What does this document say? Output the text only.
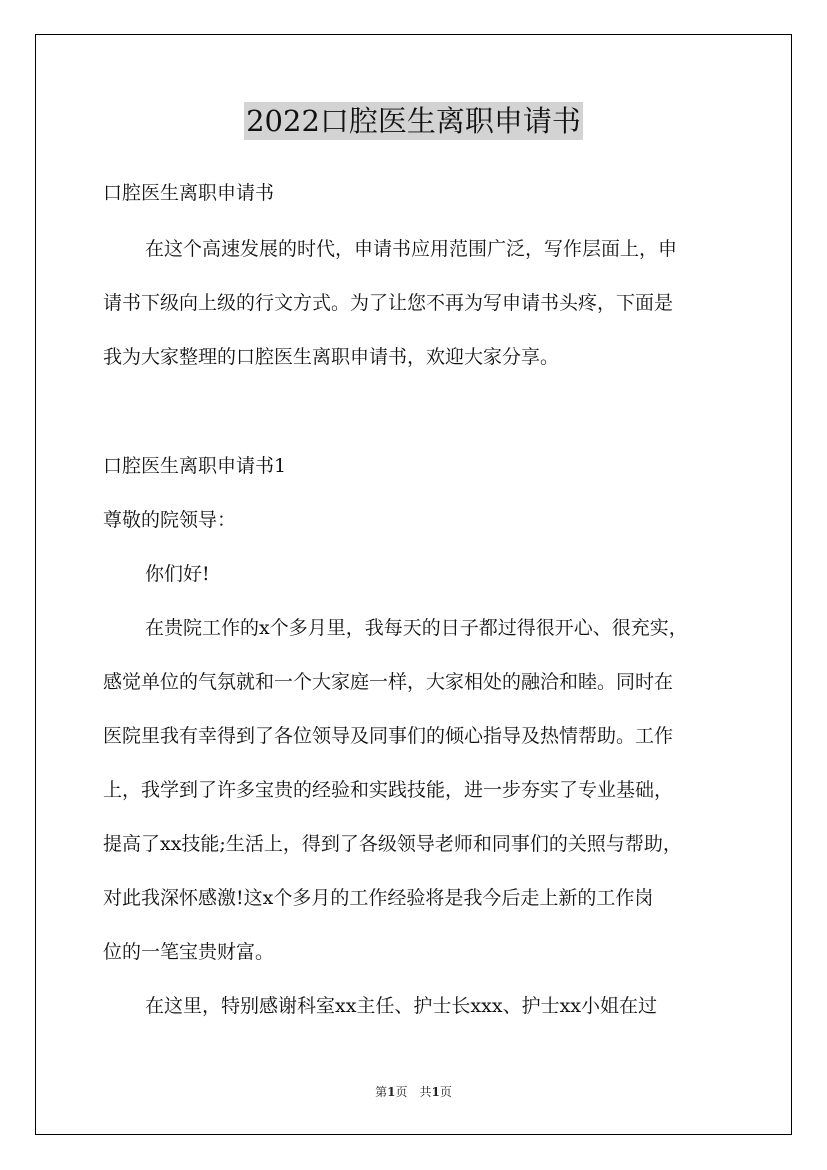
2022口腔医生离职申请书
口腔医生离职申请书
在这个高速发展的时代，申请书应用范围广泛，写作层面上，申
请书下级向上级的行文方式。为了让您不再为写申请书头疼，下面是
我为大家整理的口腔医生离职申请书，欢迎大家分享。
口腔医生离职申请书1
尊敬的院领导：
你们好!
在贵院工作的x个多月里，我每天的日子都过得很开心、很充实，
感觉单位的气氛就和一个大家庭一样，大家相处的融洽和睦。同时在
医院里我有幸得到了各位领导及同事们的倾心指导及热情帮助。工作
上，我学到了许多宝贵的经验和实践技能，进一步夯实了专业基础，
提高了xx技能;生活上，得到了各级领导老师和同事们的关照与帮助，
对此我深怀感激!这x个多月的工作经验将是我今后走上新的工作岗
位的一笔宝贵财富。
在这里，特别感谢科室xx主任、护士长xxx、护士xx小姐在过
第1页　共1页
